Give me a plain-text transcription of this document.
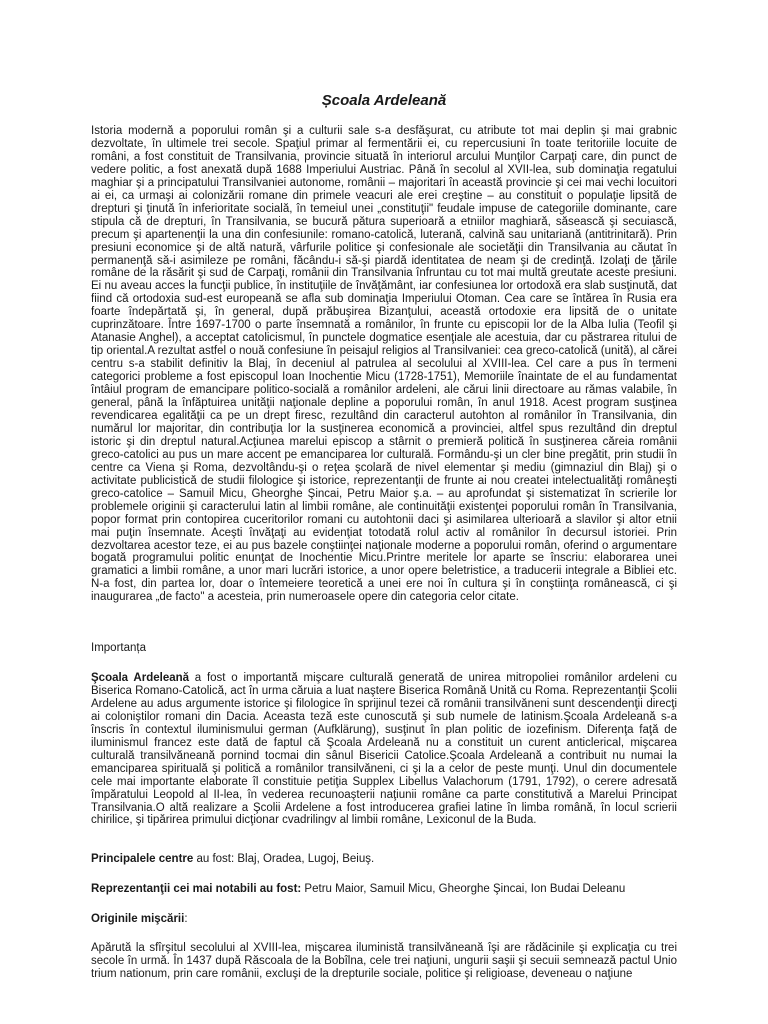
Școala Ardeleană

Istoria modernă a poporului român şi a culturii sale s-a desfăşurat, cu atribute tot mai deplin şi mai grabnic dezvoltate, în ultimele trei secole. Spaţiul primar al fermentării ei, cu repercusiuni în toate teritoriile locuite de români, a fost constituit de Transilvania, provincie situată în interiorul arcului Munţilor Carpaţi care, din punct de vedere politic, a fost anexată după 1688 Imperiului Austriac. Până în secolul al XVII-lea, sub dominaţia regatului maghiar şi a principatului Transilvaniei autonome, românii – majoritari în această provincie şi cei mai vechi locuitori ai ei, ca urmaşi ai colonizării romane din primele veacuri ale erei creştine – au constituit o populaţie lipsită de drepturi şi ţinută în inferioritate socială, în temeiul unei „constituţii" feudale impuse de categoriile dominante, care stipula că de drepturi, în Transilvania, se bucură pătura superioară a etniilor maghiară, săsească şi secuiască, precum şi apartenenţii la una din confesiunile: romano-catolică, luterană, calvină sau unitariană (antitrinitară). Prin presiuni economice şi de altă natură, vârfurile politice şi confesionale ale societăţii din Transilvania au căutat în permanenţă să-i asimileze pe români, făcându-i să-şi piardă identitatea de neam şi de credinţă. Izolaţi de ţările române de la răsărit şi sud de Carpaţi, românii din Transilvania înfruntau cu tot mai multă greutate aceste presiuni. Ei nu aveau acces la funcţii publice, în instituţiile de învăţământ, iar confesiunea lor ortodoxă era slab susţinută, dat fiind că ortodoxia sud-est europeană se afla sub dominaţia Imperiului Otoman. Cea care se întărea în Rusia era foarte îndepărtată şi, în general, după prăbuşirea Bizanţului, această ortodoxie era lipsită de o unitate cuprinzătoare. Între 1697-1700 o parte însemnată a românilor, în frunte cu episcopii lor de la Alba Iulia (Teofil şi Atanasie Anghel), a acceptat catolicismul, în punctele dogmatice esenţiale ale acestuia, dar cu păstrarea ritului de tip oriental.A rezultat astfel o nouă confesiune în peisajul religios al Transilvaniei: cea greco-catolică (unită), al cărei centru s-a stabilit definitiv la Blaj, în deceniul al patrulea al secolului al XVIII-lea. Cel care a pus în termeni categorici probleme a fost episcopul Ioan Inochentie Micu (1728-1751), Memoriile înaintate de el au fundamentat întâiul program de emancipare politico-socială a românilor ardeleni, ale cărui linii directoare au rămas valabile, în general, până la înfăptuirea unităţii naţionale depline a poporului român, în anul 1918. Acest program susţinea revendicarea egalităţii ca pe un drept firesc, rezultând din caracterul autohton al românilor în Transilvania, din numărul lor majoritar, din contribuţia lor la susţinerea economică a provinciei, altfel spus rezultând din dreptul istoric şi din dreptul natural.Acţiunea marelui episcop a stârnit o premieră politică în susţinerea căreia românii greco-catolici au pus un mare accent pe emanciparea lor culturală. Formându-şi un cler bine pregătit, prin studii în centre ca Viena şi Roma, dezvoltându-şi o reţea şcolară de nivel elementar şi mediu (gimnaziul din Blaj) şi o activitate publicistică de studii filologice şi istorice, reprezentanţii de frunte ai nou createi intelectualităţi româneşti greco-catolice – Samuil Micu, Gheorghe Şincai, Petru Maior ş.a. – au aprofundat şi sistematizat în scrierile lor problemele originii şi caracterului latin al limbii române, ale continuităţii existenţei poporului român în Transilvania, popor format prin contopirea cuceritorilor romani cu autohtonii daci şi asimilarea ulterioară a slavilor şi altor etnii mai puţin însemnate. Aceşti învăţaţi au evidenţiat totodată rolul activ al românilor în decursul istoriei. Prin dezvoltarea acestor teze, ei au pus bazele conştiinţei naţionale moderne a poporului român, oferind o argumentare bogată programului politic enunţat de Inochentie Micu.Printre meritele lor aparte se înscriu: elaborarea unei gramatici a limbii române, a unor mari lucrări istorice, a unor opere beletristice, a traducerii integrale a Bibliei etc. N-a fost, din partea lor, doar o întemeiere teoretică a unei ere noi în cultura şi în conştiinţa românească, ci şi inaugurarea „de facto" a acesteia, prin numeroasele opere din categoria celor citate.

Importanța

Şcoala Ardeleană a fost o importantă mişcare culturală generată de unirea mitropoliei românilor ardeleni cu Biserica Romano-Catolică, act în urma căruia a luat naştere Biserica Română Unită cu Roma. Reprezentanţii Şcolii Ardelene au adus argumente istorice şi filologice în sprijinul tezei că românii transilvăneni sunt descendenţii direcţi ai coloniştilor romani din Dacia. Aceasta teză este cunoscută şi sub numele de latinism.Şcoala Ardeleană s-a înscris în contextul iluminismului german (Aufklärung), susţinut în plan politic de iozefinism. Diferenţa faţă de iluminismul francez este dată de faptul că Şcoala Ardeleană nu a constituit un curent anticlerical, mişcarea culturală transilvăneană pornind tocmai din sânul Bisericii Catolice.Şcoala Ardeleană a contribuit nu numai la emanciparea spirituală şi politică a românilor transilvăneni, ci şi la a celor de peste munţi. Unul din documentele cele mai importante elaborate îl constituie petiţia Supplex Libellus Valachorum (1791, 1792), o cerere adresată împăratului Leopold al II-lea, în vederea recunoaşterii naţiunii române ca parte constitutivă a Marelui Principat Transilvania.O altă realizare a Şcolii Ardelene a fost introducerea grafiei latine în limba română, în locul scrierii chirilice, şi tipărirea primului dicţionar cvadrilingv al limbii române, Lexiconul de la Buda.

Principalele centre au fost: Blaj, Oradea, Lugoj, Beiuş.

Reprezentanţii cei mai notabili au fost: Petru Maior, Samuil Micu, Gheorghe Şincai, Ion Budai Deleanu

Originile mişcării:

Apărută la sfîrşitul secolului al XVIII-lea, mişcarea iluministă transilvăneană îşi are rădăcinile şi explicaţia cu trei secole în urmă. În 1437 după Răscoala de la Bobîlna, cele trei naţiuni, ungurii saşii şi secuii semnează pactul Unio trium nationum, prin care românii, excluşi de la drepturile sociale, politice şi religioase, deveneau o naţiune
